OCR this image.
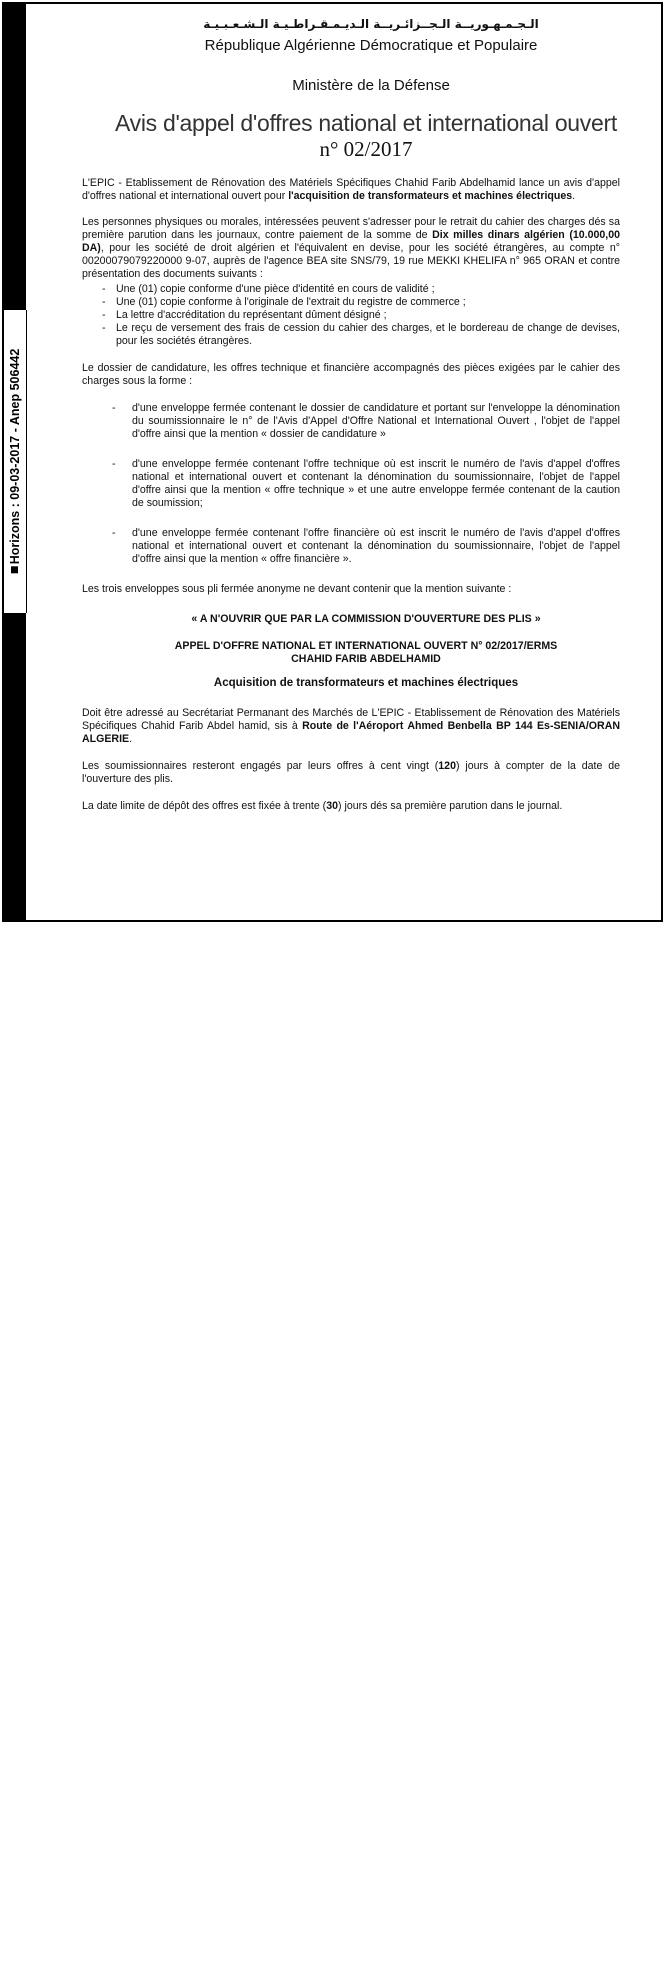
Horizons : 09-03-2017 - Anep 506442
الـجـمـهـوريــة الـجــزائـريــة الـديـمـقـراطـيـة الـشـعـبـيـة
République Algérienne Démocratique et Populaire
Ministère de la Défense
Avis d'appel d'offres national et international ouvert
n° 02/2017

L'EPIC - Etablissement de Rénovation des Matériels Spécifiques Chahid Farib Abdelhamid lance un avis d'appel d'offres national et international ouvert pour l'acquisition de transformateurs et machines électriques.

Les personnes physiques ou morales, intéressées peuvent s'adresser pour le retrait du cahier des charges dés sa première parution dans les journaux, contre paiement de la somme de Dix milles dinars algérien (10.000,00 DA), pour les société de droit algérien et l'équivalent en devise, pour les société étrangères, au compte n° 00200079079220000 9-07, auprès de l'agence BEA site SNS/79, 19 rue MEKKI KHELIFA n° 965 ORAN et contre présentation des documents suivants :

- Une (01) copie conforme d'une pièce d'identité en cours de validité ;
- Une (01) copie conforme à l'originale de l'extrait du registre de commerce ;
- La lettre d'accréditation du représentant dûment désigné ;
- Le reçu de versement des frais de cession du cahier des charges, et le bordereau de change de devises, pour les sociétés étrangères.

Le dossier de candidature, les offres technique et financière accompagnés des pièces exigées par le cahier des charges sous la forme :

- d'une enveloppe fermée contenant le dossier de candidature et portant sur l'enveloppe la dénomination du soumissionnaire le n° de l'Avis d'Appel d'Offre National et International Ouvert , l'objet de l'appel d'offre ainsi que la mention « dossier de candidature »
- d'une enveloppe fermée contenant l'offre technique où est inscrit le numéro de l'avis d'appel d'offres national et international ouvert et contenant la dénomination du soumissionnaire, l'objet de l'appel d'offre ainsi que la mention « offre technique » et une autre enveloppe fermée contenant de la caution de soumission;
- d'une enveloppe fermée contenant l'offre financière où est inscrit le numéro de l'avis d'appel d'offres national et international ouvert et contenant la dénomination du soumissionnaire, l'objet de l'appel d'offre ainsi que la mention « offre financière ».

Les trois enveloppes sous pli fermée anonyme ne devant contenir que la mention suivante :

« A N'OUVRIR QUE PAR LA COMMISSION D'OUVERTURE DES PLIS »

APPEL D'OFFRE NATIONAL ET INTERNATIONAL OUVERT N° 02/2017/ERMS
CHAHID FARIB ABDELHAMID

Acquisition de transformateurs et machines électriques

Doit être adressé au Secrétariat Permanant des Marchés de L'EPIC - Etablissement de Rénovation des Matériels Spécifiques Chahid Farib Abdel hamid, sis à Route de l'Aéroport Ahmed Benbella BP 144 Es-SENIA/ORAN ALGERIE.

Les soumissionnaires resteront engagés par leurs offres à cent vingt (120) jours à compter de la date de l'ouverture des plis.

La date limite de dépôt des offres est fixée à trente (30) jours dés sa première parution dans le journal.
